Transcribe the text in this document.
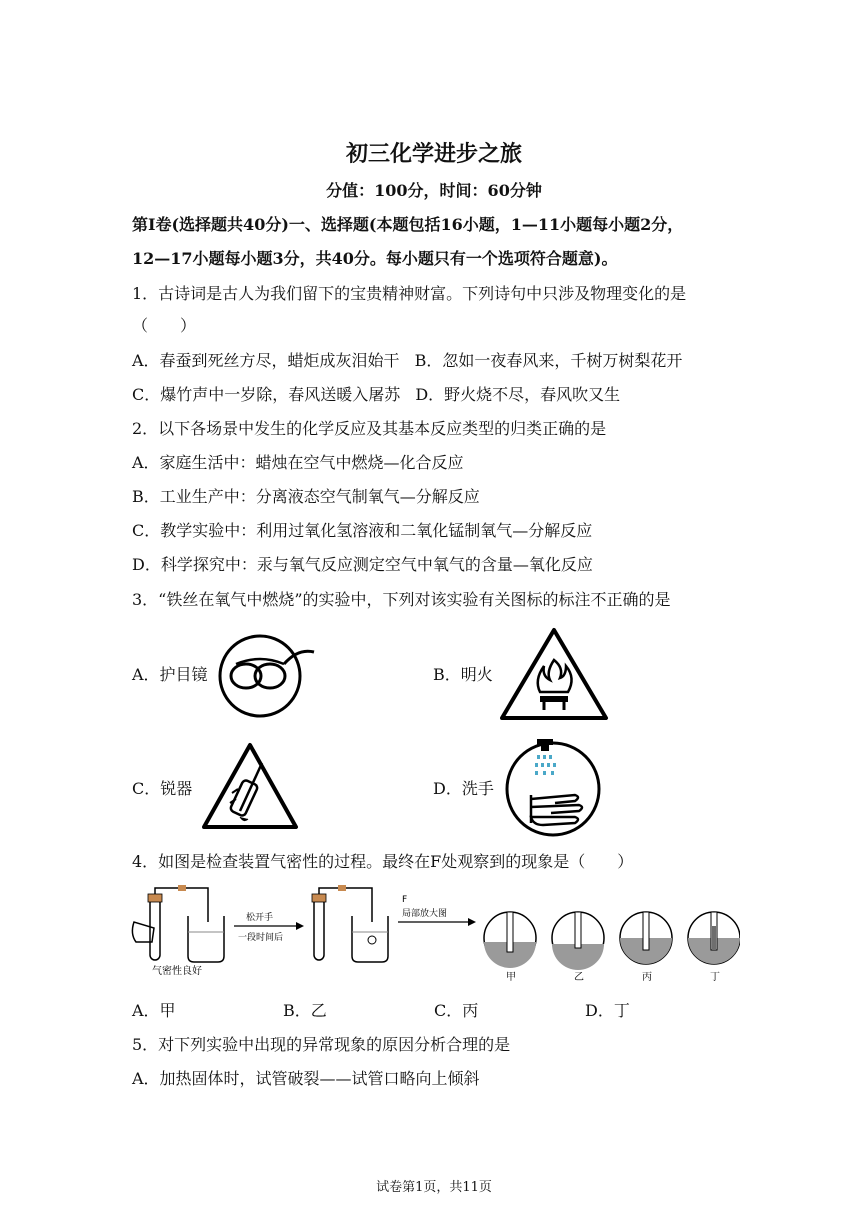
初三化学进步之旅
分值：100分，时间：60分钟
第Ⅰ卷(选择题共40分)一、选择题(本题包括16小题，1—11小题每小题2分，
12—17小题每小题3分，共40分。每小题只有一个选项符合题意)。
1．古诗词是古人为我们留下的宝贵精神财富。下列诗句中只涉及物理变化的是
（　　）
A．春蚕到死丝方尽，蜡炬成灰泪始干 B．忽如一夜春风来，千树万树梨花开
C．爆竹声中一岁除，春风送暖入屠苏 D．野火烧不尽，春风吹又生
2．以下各场景中发生的化学反应及其基本反应类型的归类正确的是
A．家庭生活中：蜡烛在空气中燃烧—化合反应
B．工业生产中：分离液态空气制氧气—分解反应
C．教学实验中：利用过氧化氢溶液和二氧化锰制氧气—分解反应
D．科学探究中：汞与氧气反应测定空气中氧气的含量—氧化反应
3．“铁丝在氧气中燃烧”的实验中，下列对该实验有关图标的标注不正确的是
A．护目镜	B．明火
C．锐器	D．洗手
4．如图是检查装置气密性的过程。最终在F处观察到的现象是（　　）
气密性良好
松开手
一段时间后
F
局部放大图
甲	乙	丙	丁
A．甲	B．乙	C．丙	D．丁
5．对下列实验中出现的异常现象的原因分析合理的是
A．加热固体时，试管破裂——试管口略向上倾斜
试卷第1页，共11页
